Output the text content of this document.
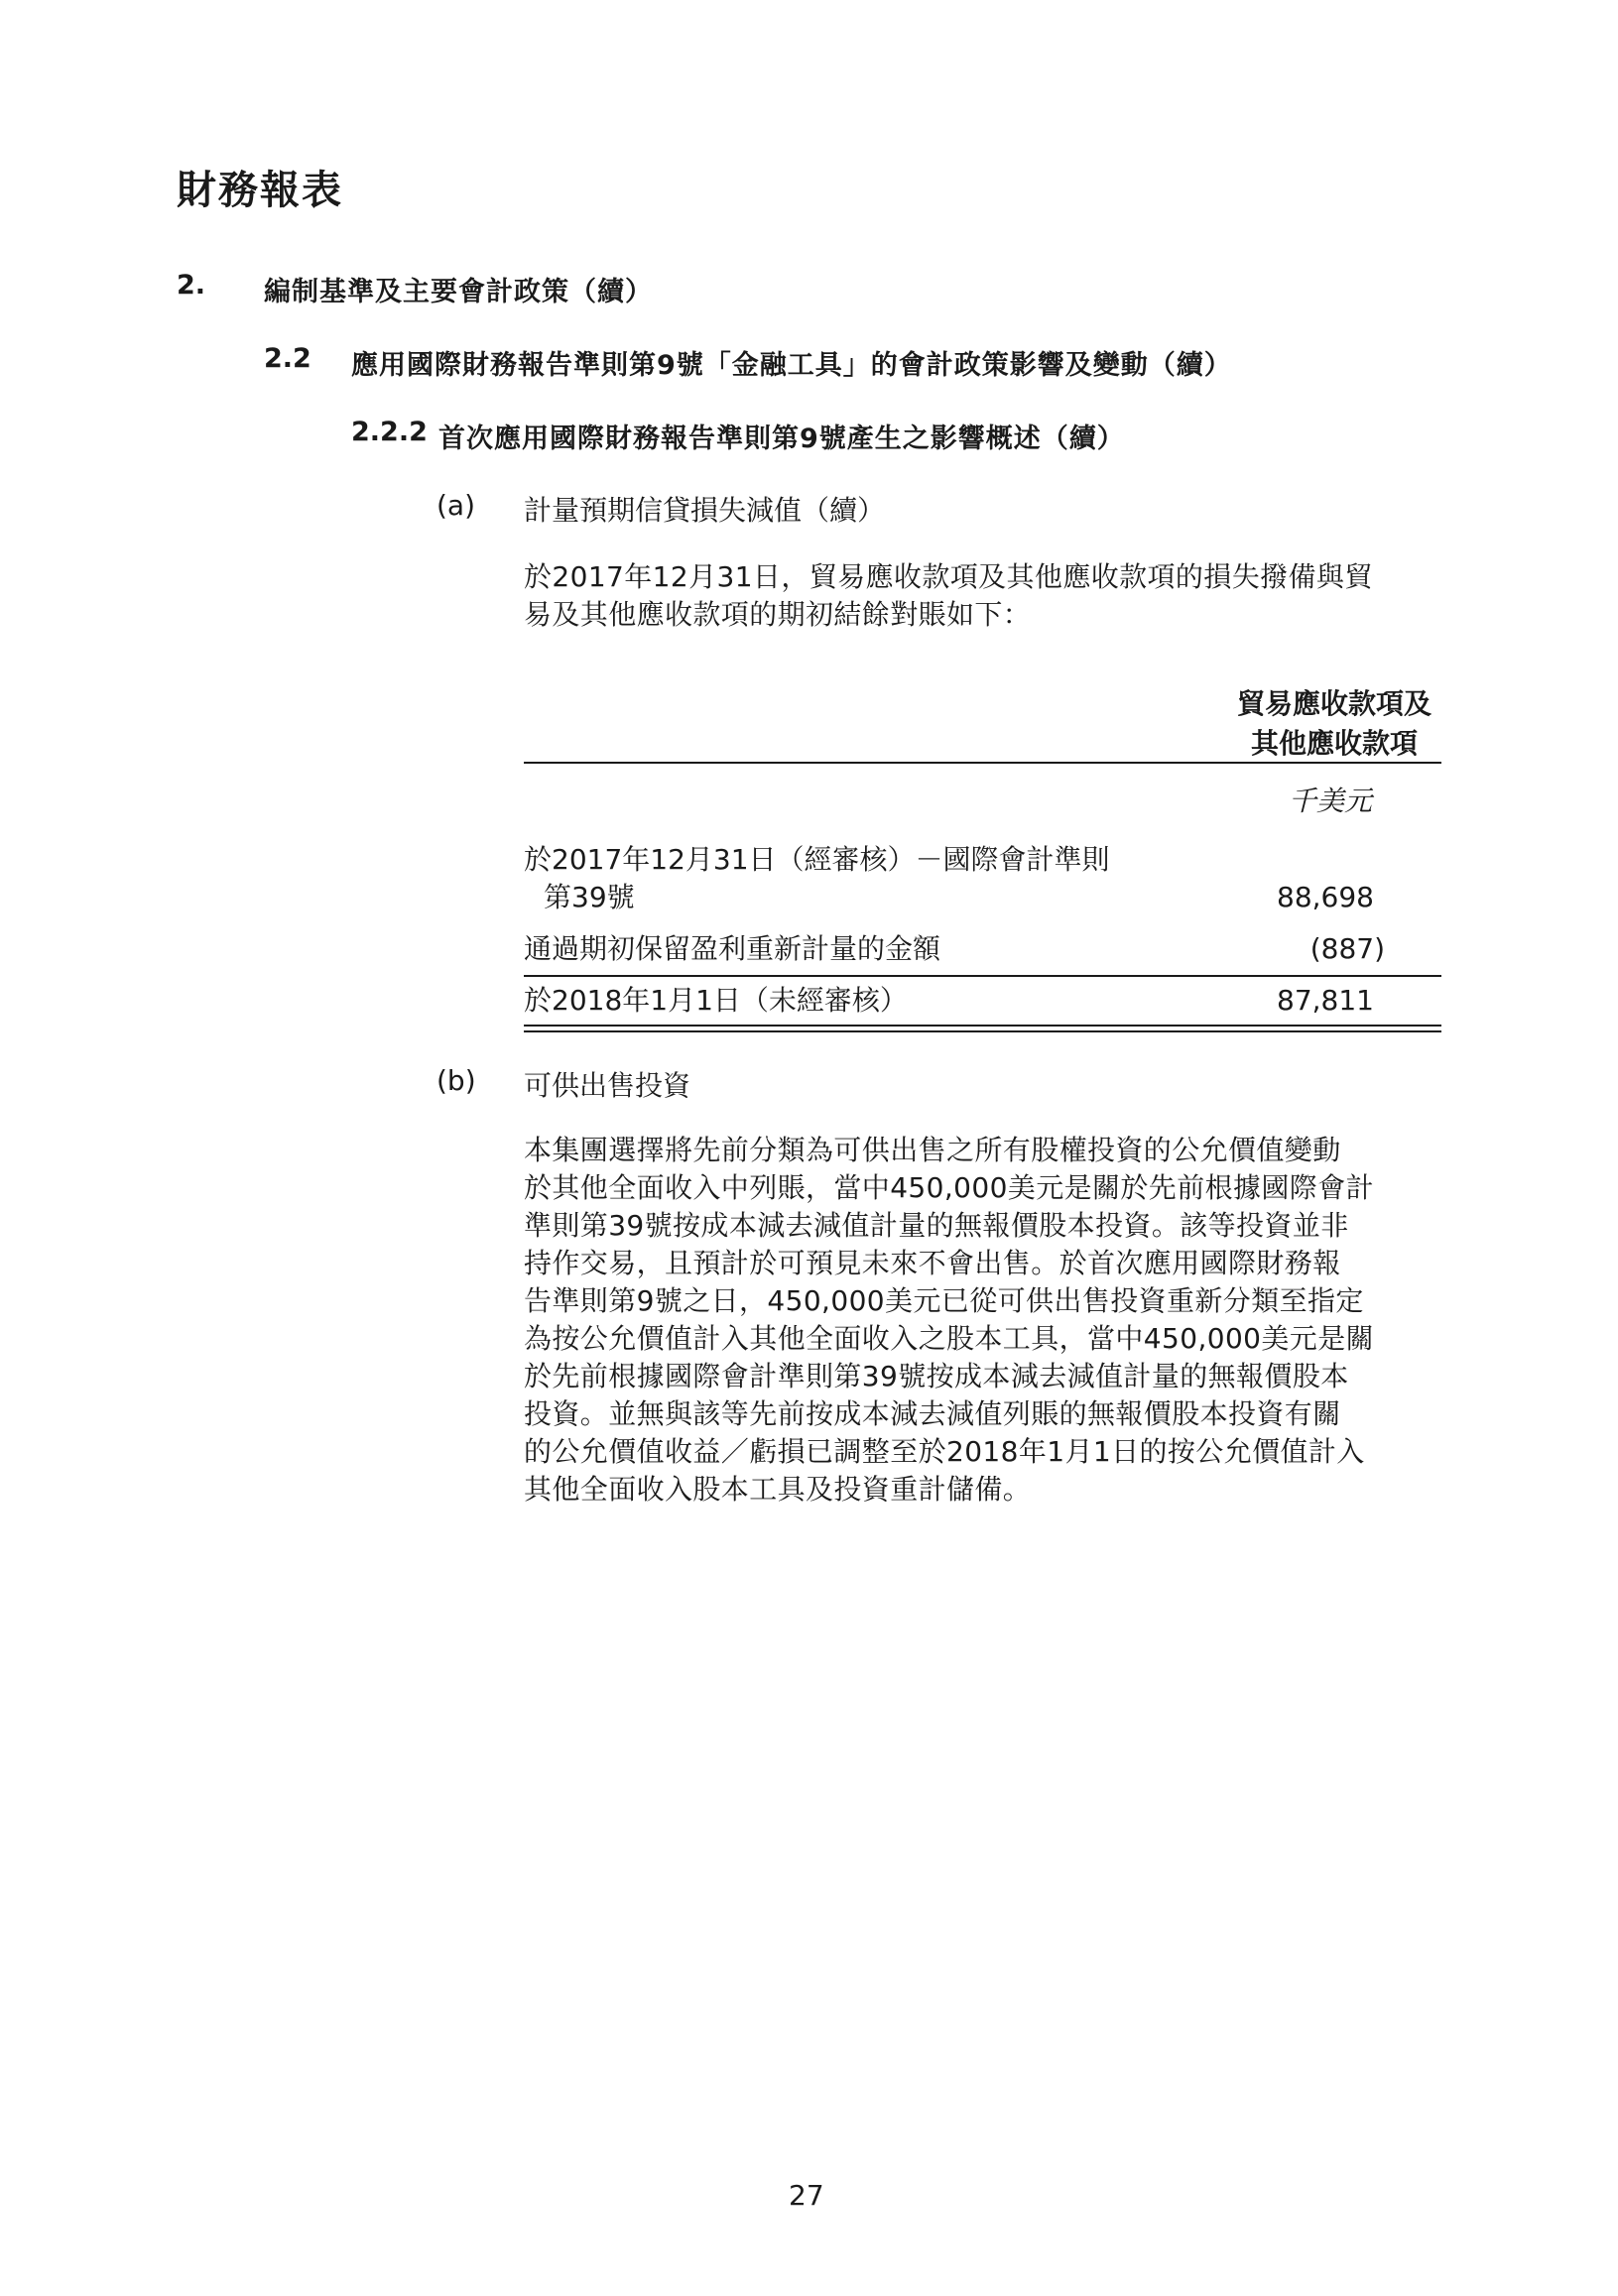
財務報表
2. 編制基準及主要會計政策（續）
2.2 應用國際財務報告準則第9號「金融工具」的會計政策影響及變動（續）
2.2.2 首次應用國際財務報告準則第9號產生之影響概述（續）
(a) 計量預期信貸損失減值（續）
於2017年12月31日，貿易應收款項及其他應收款項的損失撥備與貿
易及其他應收款項的期初結餘對賬如下：
貿易應收款項及
其他應收款項
千美元
於2017年12月31日（經審核）－國際會計準則
第39號	88,698
通過期初保留盈利重新計量的金額	(887)
於2018年1月1日（未經審核）	87,811
(b) 可供出售投資
本集團選擇將先前分類為可供出售之所有股權投資的公允價值變動
於其他全面收入中列賬，當中450,000美元是關於先前根據國際會計
準則第39號按成本減去減值計量的無報價股本投資。該等投資並非
持作交易，且預計於可預見未來不會出售。於首次應用國際財務報
告準則第9號之日，450,000美元已從可供出售投資重新分類至指定
為按公允價值計入其他全面收入之股本工具，當中450,000美元是關
於先前根據國際會計準則第39號按成本減去減值計量的無報價股本
投資。並無與該等先前按成本減去減值列賬的無報價股本投資有關
的公允價值收益／虧損已調整至於2018年1月1日的按公允價值計入
其他全面收入股本工具及投資重計儲備。
27
